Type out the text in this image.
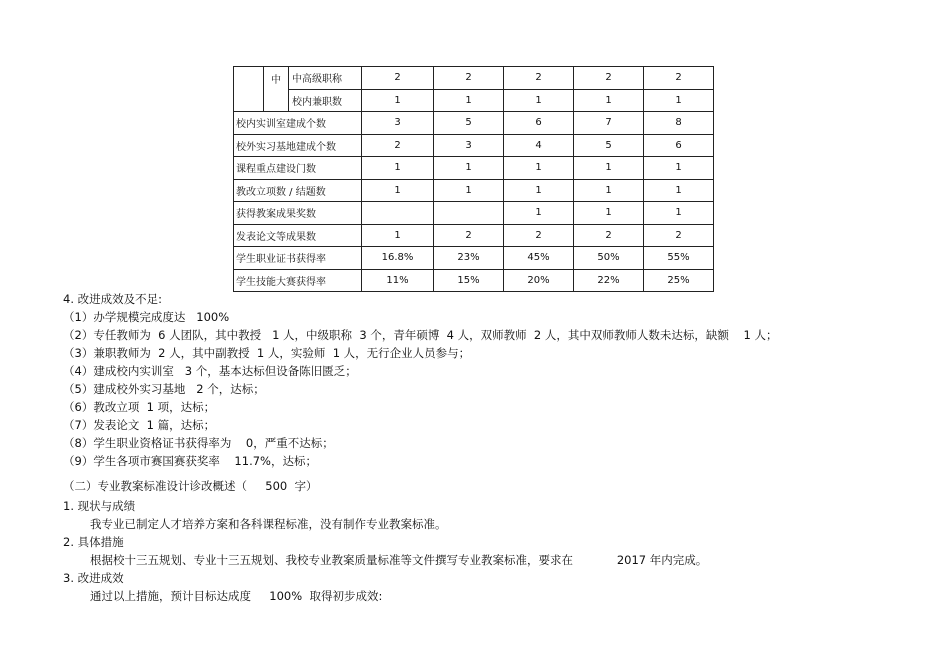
	中	中高级职称	2	2	2	2	2
		校内兼职数	1	1	1	1	1
校内实训室建成个数			3	5	6	7	8
校外实习基地建成个数			2	3	4	5	6
课程重点建设门数			1	1	1	1	1
教改立项数 / 结题数			1	1	1	1	1
获得教案成果奖数					1	1	1
发表论文等成果数			1	2	2	2	2
学生职业证书获得率			16.8%	23%	45%	50%	55%
学生技能大赛获得率			11%	15%	20%	22%	25%
4. 改进成效及不足:
（1）办学规模完成度达   100%
（2）专任教师为  6 人团队，其中教授   1 人，中级职称  3 个，青年硕博  4 人，双师教师  2 人，其中双师教师人数未达标，缺额    1 人；
（3）兼职教师为  2 人，其中副教授  1 人，实验师  1 人，无行企业人员参与；
（4）建成校内实训室   3 个，基本达标但设备陈旧匮乏；
（5）建成校外实习基地   2 个，达标；
（6）教改立项  1 项，达标；
（7）发表论文  1 篇，达标；
（8）学生职业资格证书获得率为    0，严重不达标；
（9）学生各项市赛国赛获奖率    11.7%，达标；
（二）专业教案标准设计诊改概述（     500  字）
1. 现状与成绩
我专业已制定人才培养方案和各科课程标准，没有制作专业教案标准。
2. 具体措施
根据校十三五规划、专业十三五规划、我校专业教案质量标准等文件撰写专业教案标准，要求在            2017 年内完成。
3. 改进成效
通过以上措施，预计目标达成度     100%  取得初步成效:
